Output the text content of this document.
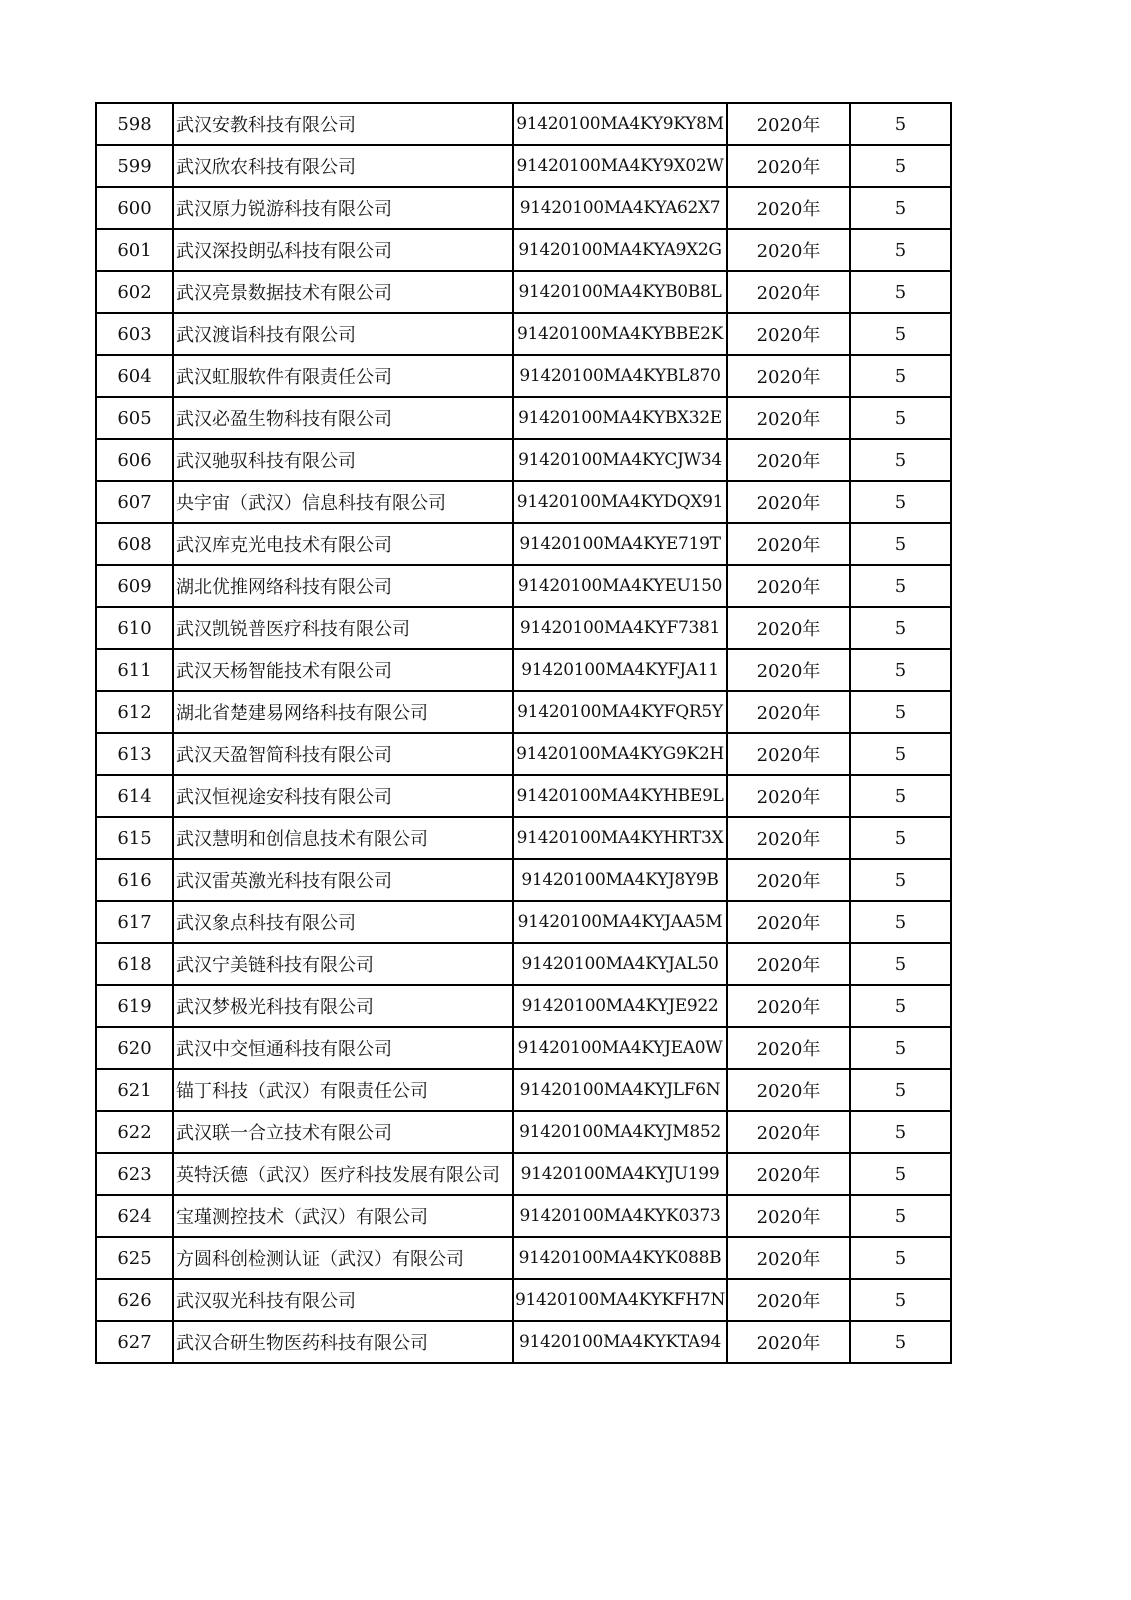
598	武汉安教科技有限公司	91420100MA4KY9KY8M	2020年	5
599	武汉欣农科技有限公司	91420100MA4KY9X02W	2020年	5
600	武汉原力锐游科技有限公司	91420100MA4KYA62X7	2020年	5
601	武汉深投朗弘科技有限公司	91420100MA4KYA9X2G	2020年	5
602	武汉亮景数据技术有限公司	91420100MA4KYB0B8L	2020年	5
603	武汉渡诣科技有限公司	91420100MA4KYBBE2K	2020年	5
604	武汉虹服软件有限责任公司	91420100MA4KYBL870	2020年	5
605	武汉必盈生物科技有限公司	91420100MA4KYBX32E	2020年	5
606	武汉驰驭科技有限公司	91420100MA4KYCJW34	2020年	5
607	央宇宙（武汉）信息科技有限公司	91420100MA4KYDQX91	2020年	5
608	武汉库克光电技术有限公司	91420100MA4KYE719T	2020年	5
609	湖北优推网络科技有限公司	91420100MA4KYEU150	2020年	5
610	武汉凯锐普医疗科技有限公司	91420100MA4KYF7381	2020年	5
611	武汉天杨智能技术有限公司	91420100MA4KYFJA11	2020年	5
612	湖北省楚建易网络科技有限公司	91420100MA4KYFQR5Y	2020年	5
613	武汉天盈智简科技有限公司	91420100MA4KYG9K2H	2020年	5
614	武汉恒视途安科技有限公司	91420100MA4KYHBE9L	2020年	5
615	武汉慧明和创信息技术有限公司	91420100MA4KYHRT3X	2020年	5
616	武汉雷英激光科技有限公司	91420100MA4KYJ8Y9B	2020年	5
617	武汉象点科技有限公司	91420100MA4KYJAA5M	2020年	5
618	武汉宁美链科技有限公司	91420100MA4KYJAL50	2020年	5
619	武汉梦极光科技有限公司	91420100MA4KYJE922	2020年	5
620	武汉中交恒通科技有限公司	91420100MA4KYJEA0W	2020年	5
621	锚丁科技（武汉）有限责任公司	91420100MA4KYJLF6N	2020年	5
622	武汉联一合立技术有限公司	91420100MA4KYJM852	2020年	5
623	英特沃德（武汉）医疗科技发展有限公司	91420100MA4KYJU199	2020年	5
624	宝瑾测控技术（武汉）有限公司	91420100MA4KYK0373	2020年	5
625	方圆科创检测认证（武汉）有限公司	91420100MA4KYK088B	2020年	5
626	武汉驭光科技有限公司	91420100MA4KYKFH7N	2020年	5
627	武汉合研生物医药科技有限公司	91420100MA4KYKTA94	2020年	5
